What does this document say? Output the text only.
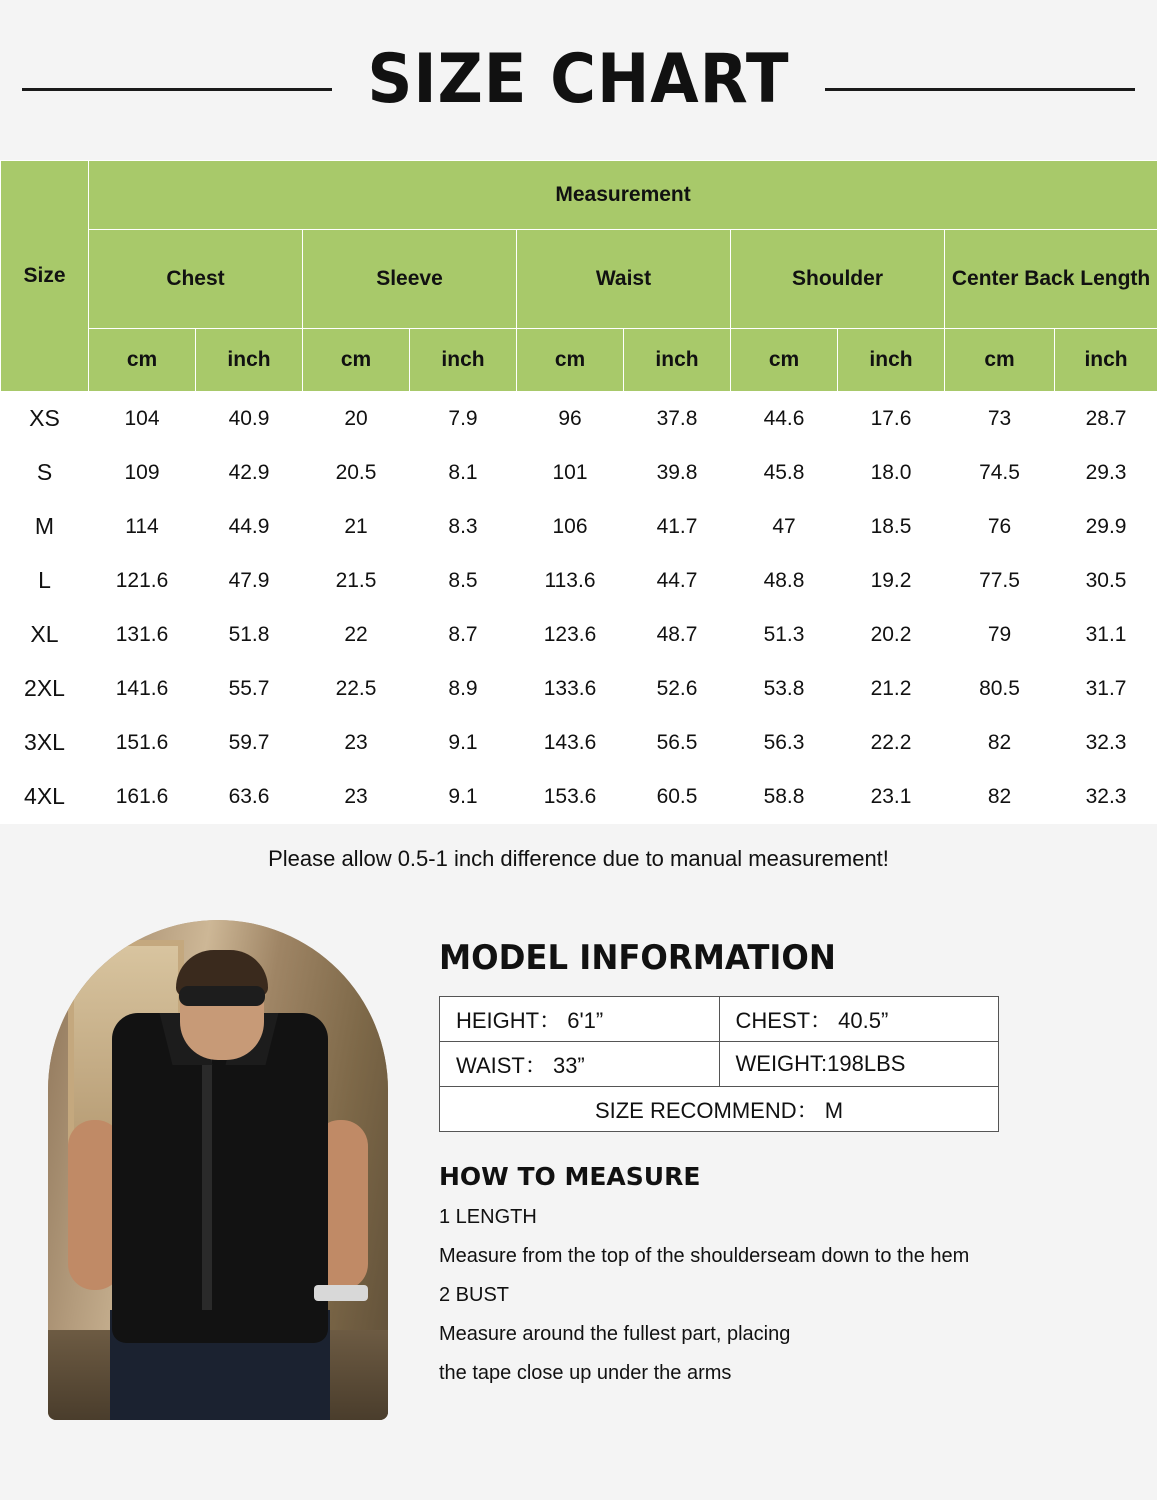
SIZE CHART
Size	Measurement									
	Chest		Sleeve		Waist		Shoulder		Center Back Length	
	cm	inch	cm	inch	cm	inch	cm	inch	cm	inch
XS	104	40.9	20	7.9	96	37.8	44.6	17.6	73	28.7
S	109	42.9	20.5	8.1	101	39.8	45.8	18.0	74.5	29.3
M	114	44.9	21	8.3	106	41.7	47	18.5	76	29.9
L	121.6	47.9	21.5	8.5	113.6	44.7	48.8	19.2	77.5	30.5
XL	131.6	51.8	22	8.7	123.6	48.7	51.3	20.2	79	31.1
2XL	141.6	55.7	22.5	8.9	133.6	52.6	53.8	21.2	80.5	31.7
3XL	151.6	59.7	23	9.1	143.6	56.5	56.3	22.2	82	32.3
4XL	161.6	63.6	23	9.1	153.6	60.5	58.8	23.1	82	32.3
Please allow 0.5-1 inch difference due to manual measurement!
MODEL INFORMATION
HEIGHT： 6'1”	CHEST： 40.5”
WAIST： 33”	WEIGHT:198LBS
SIZE RECOMMEND： M	
HOW TO MEASURE
1 LENGTH
Measure from the top of the shoulderseam down to the hem
2 BUST
Measure around the fullest part, placing
the tape close up under the arms
